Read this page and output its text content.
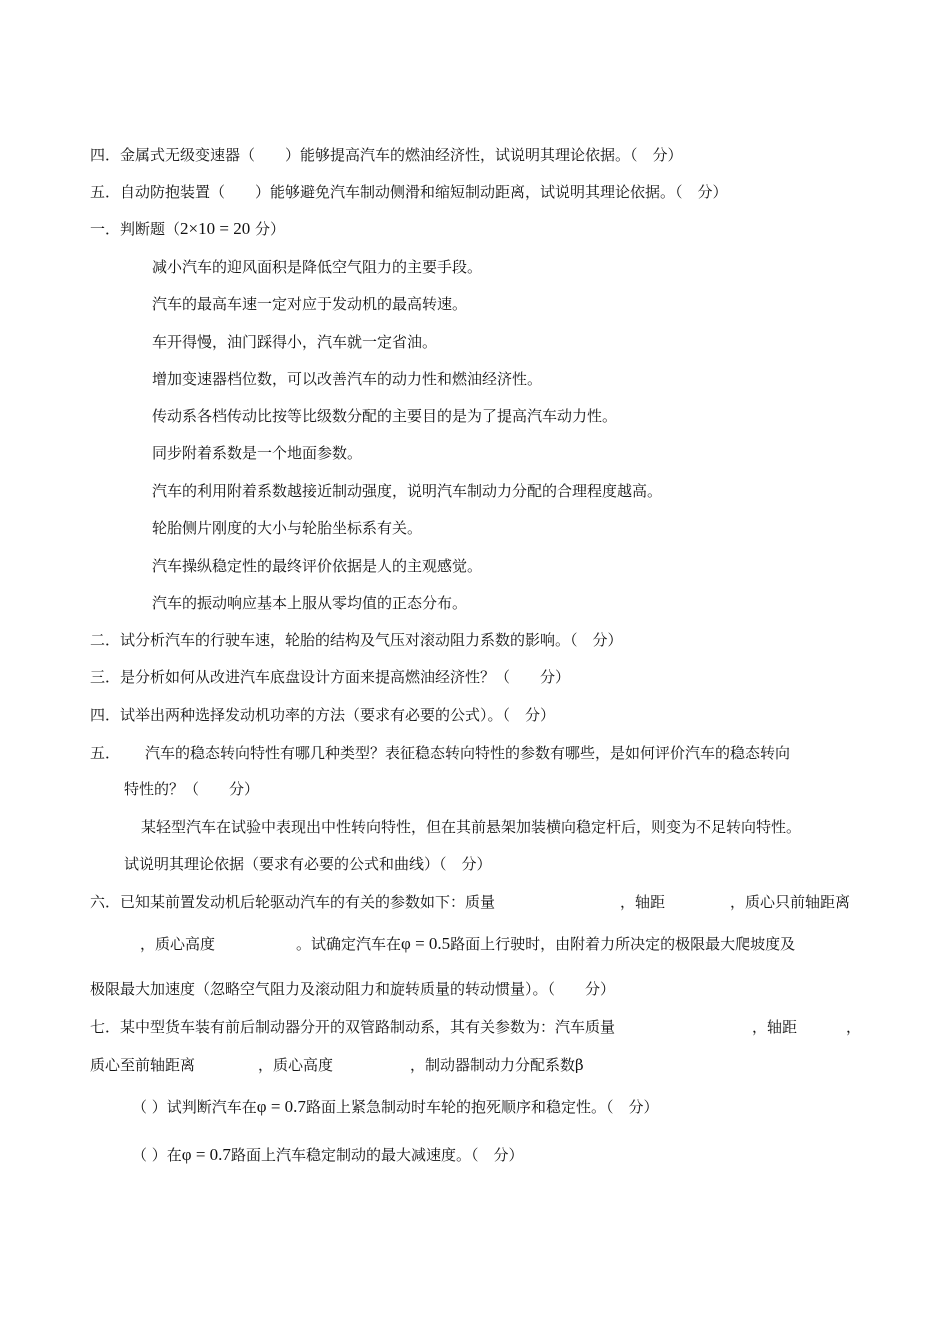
四．金属式无级变速器（　　）能够提高汽车的燃油经济性，试说明其理论依据。（　分）
五．自动防抱装置（　　）能够避免汽车制动侧滑和缩短制动距离，试说明其理论依据。（　分）
一．判断题（2×10 = 20 分）
减小汽车的迎风面积是降低空气阻力的主要手段。
汽车的最高车速一定对应于发动机的最高转速。
车开得慢，油门踩得小，汽车就一定省油。
增加变速器档位数，可以改善汽车的动力性和燃油经济性。
传动系各档传动比按等比级数分配的主要目的是为了提高汽车动力性。
同步附着系数是一个地面参数。
汽车的利用附着系数越接近制动强度，说明汽车制动力分配的合理程度越高。
轮胎侧片刚度的大小与轮胎坐标系有关。
汽车操纵稳定性的最终评价依据是人的主观感觉。
汽车的振动响应基本上服从零均值的正态分布。
二．试分析汽车的行驶车速，轮胎的结构及气压对滚动阻力系数的影响。（　分）
三．是分析如何从改进汽车底盘设计方面来提高燃油经济性？（　　分）
四．试举出两种选择发动机功率的方法（要求有必要的公式）。（　分）
五． 汽车的稳态转向特性有哪几种类型？表征稳态转向特性的参数有哪些，是如何评价汽车的稳态转向
特性的？（　　分）
某轻型汽车在试验中表现出中性转向特性，但在其前悬架加装横向稳定杆后，则变为不足转向特性。
试说明其理论依据（要求有必要的公式和曲线）（　分）
六．已知某前置发动机后轮驱动汽车的有关的参数如下：质量	，轴距	，质心只前轴距离
，质心高度	。试确定汽车在φ = 0.5路面上行驶时，由附着力所决定的极限最大爬坡度及
极限最大加速度（忽略空气阻力及滚动阻力和旋转质量的转动惯量）。（　　分）
七．某中型货车装有前后制动器分开的双管路制动系，其有关参数为：汽车质量	，轴距	，
质心至前轴距离	，质心高度	，制动器制动力分配系数β
（ ）试判断汽车在φ = 0.7路面上紧急制动时车轮的抱死顺序和稳定性。（　分）
（ ）在φ = 0.7路面上汽车稳定制动的最大减速度。（　分）
